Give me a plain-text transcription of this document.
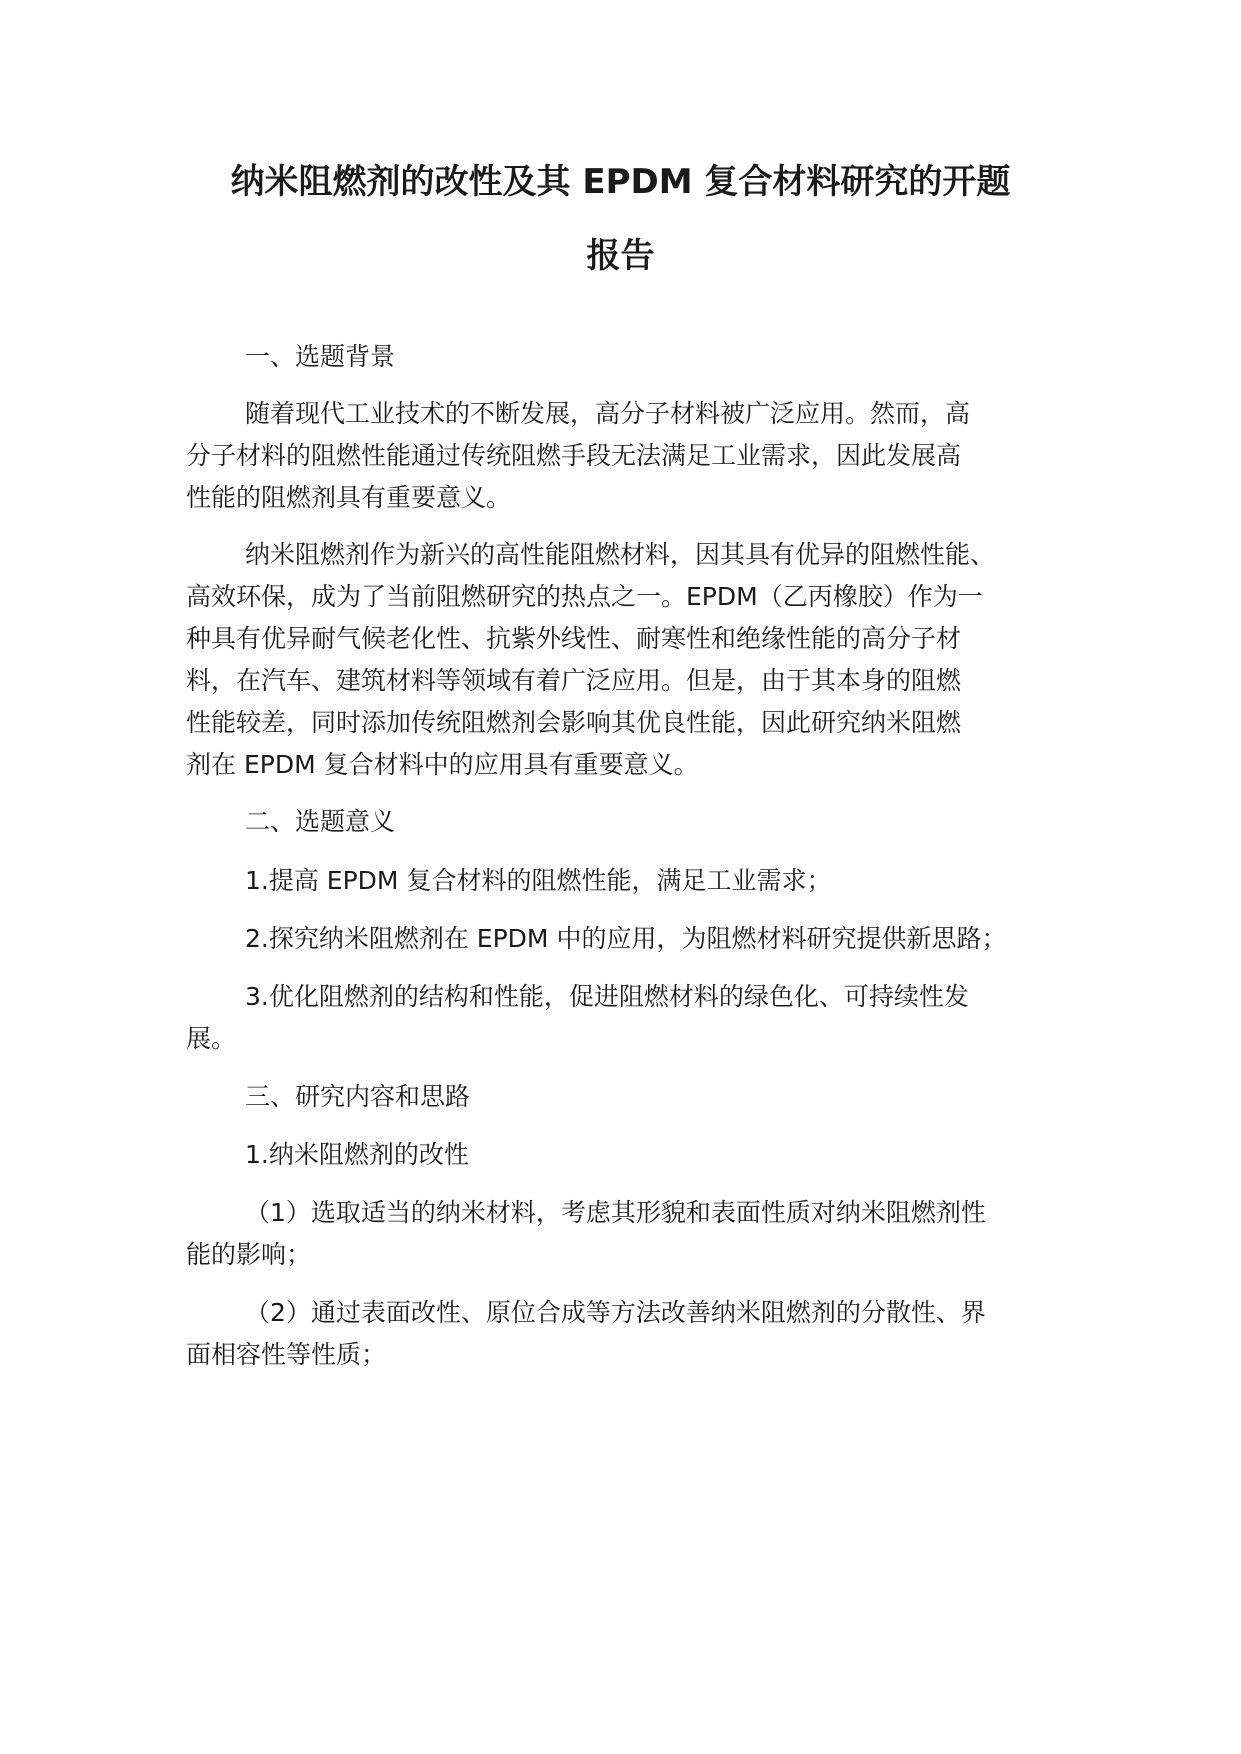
纳米阻燃剂的改性及其 EPDM 复合材料研究的开题
报告
一、选题背景
随着现代工业技术的不断发展，高分子材料被广泛应用。然而，高
分子材料的阻燃性能通过传统阻燃手段无法满足工业需求，因此发展高
性能的阻燃剂具有重要意义。
纳米阻燃剂作为新兴的高性能阻燃材料，因其具有优异的阻燃性能、
高效环保，成为了当前阻燃研究的热点之一。EPDM（乙丙橡胶）作为一
种具有优异耐气候老化性、抗紫外线性、耐寒性和绝缘性能的高分子材
料，在汽车、建筑材料等领域有着广泛应用。但是，由于其本身的阻燃
性能较差，同时添加传统阻燃剂会影响其优良性能，因此研究纳米阻燃
剂在 EPDM 复合材料中的应用具有重要意义。
二、选题意义
1.提高 EPDM 复合材料的阻燃性能，满足工业需求；
2.探究纳米阻燃剂在 EPDM 中的应用，为阻燃材料研究提供新思路；
3.优化阻燃剂的结构和性能，促进阻燃材料的绿色化、可持续性发
展。
三、研究内容和思路
1.纳米阻燃剂的改性
（1）选取适当的纳米材料，考虑其形貌和表面性质对纳米阻燃剂性
能的影响；
（2）通过表面改性、原位合成等方法改善纳米阻燃剂的分散性、界
面相容性等性质；
